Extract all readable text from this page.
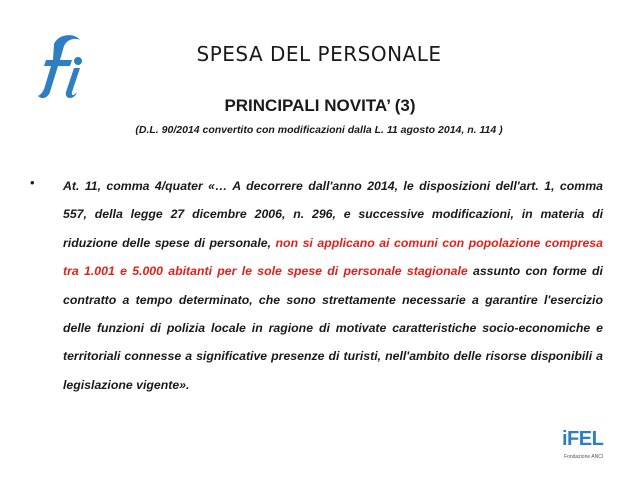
SPESA DEL PERSONALE
PRINCIPALI NOVITA’ (3)
(D.L. 90/2014 convertito con modificazioni dalla L. 11 agosto 2014, n. 114 )
• At. 11, comma 4/quater «… A decorrere dall'anno 2014, le disposizioni dell'art. 1, comma 557, della legge 27 dicembre 2006, n. 296, e successive modificazioni, in materia di riduzione delle spese di personale, non si applicano ai comuni con popolazione compresa tra 1.001 e 5.000 abitanti per le sole spese di personale stagionale assunto con forme di contratto a tempo determinato, che sono strettamente necessarie a garantire l'esercizio delle funzioni di polizia locale in ragione di motivate caratteristiche socio-economiche e territoriali connesse a significative presenze di turisti, nell'ambito delle risorse disponibili a legislazione vigente».

iFEL
Fondazione ANCI
